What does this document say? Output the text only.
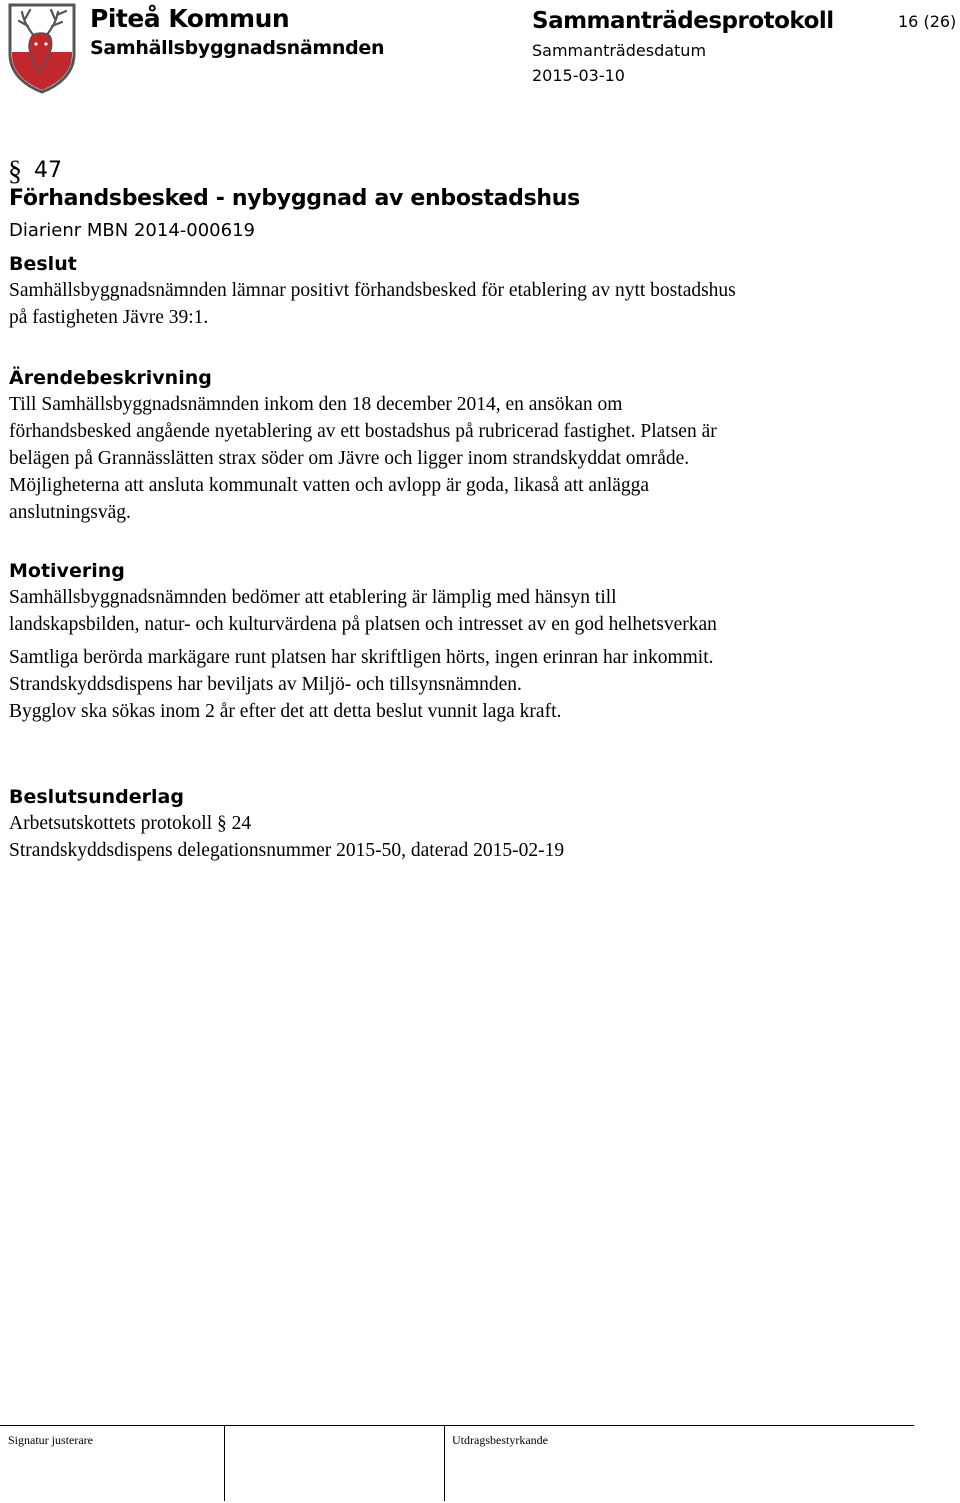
Piteå Kommun
Samhällsbyggnadsnämnden
Sammanträdesprotokoll
Sammanträdesdatum
2015-03-10
16 (26)
§ 47
Förhandsbesked - nybyggnad av enbostadshus
Diarienr MBN 2014-000619

Beslut

Samhällsbyggnadsnämnden lämnar positivt förhandsbesked för etablering av nytt bostadshus

på fastigheten Jävre 39:1.

Ärendebeskrivning

Till Samhällsbyggnadsnämnden inkom den 18 december 2014, en ansökan om

förhandsbesked angående nyetablering av ett bostadshus på rubricerad fastighet. Platsen är

belägen på Grannässlätten strax söder om Jävre och ligger inom strandskyddat område.

Möjligheterna att ansluta kommunalt vatten och avlopp är goda, likaså att anlägga

anslutningsväg.

Motivering

Samhällsbyggnadsnämnden bedömer att etablering är lämplig med hänsyn till

landskapsbilden, natur- och kulturvärdena på platsen och intresset av en god helhetsverkan

Samtliga berörda markägare runt platsen har skriftligen hörts, ingen erinran har inkommit.

Strandskyddsdispens har beviljats av Miljö- och tillsynsnämnden.

Bygglov ska sökas inom 2 år efter det att detta beslut vunnit laga kraft.

Beslutsunderlag

Arbetsutskottets protokoll § 24

Strandskyddsdispens delegationsnummer 2015-50, daterad 2015-02-19

Signatur justerare	Utdragsbestyrkande
